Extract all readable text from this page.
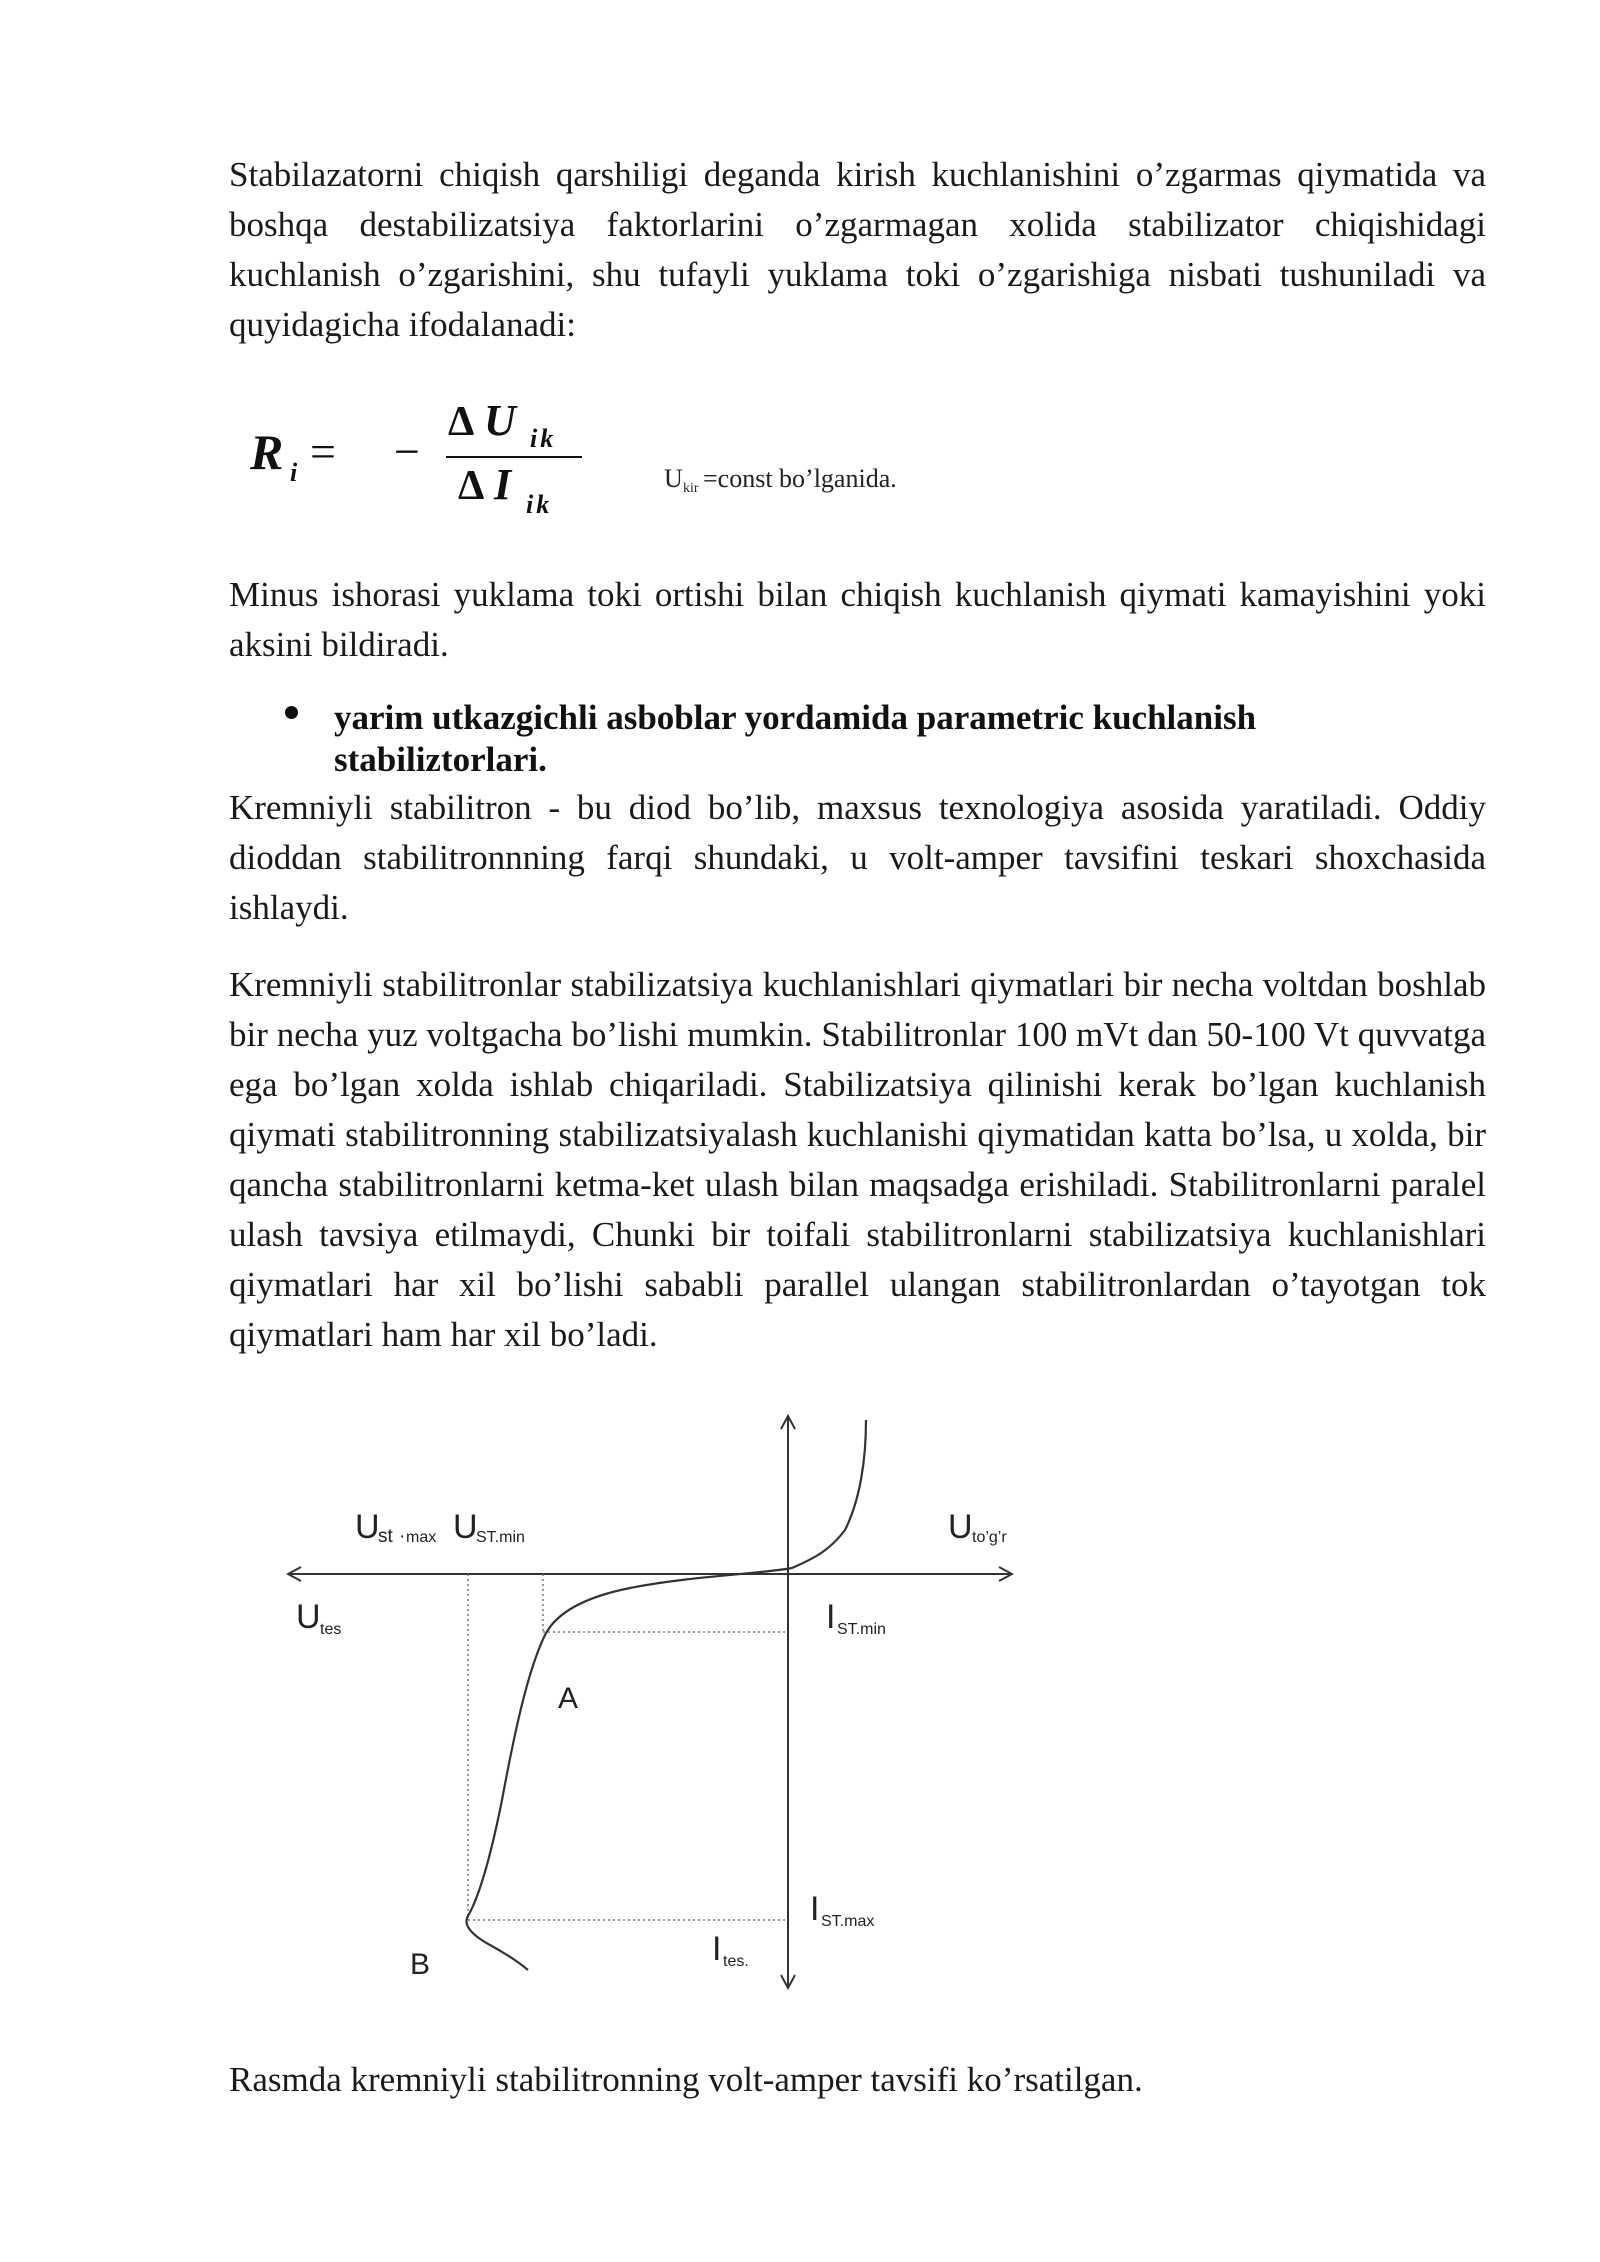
Stabilazatorni chiqish qarshiligi deganda kirish kuchlanishini o’zgarmas qiymatida va boshqa destabilizatsiya faktorlarini o’zgarmagan xolida stabilizator chiqishidagi kuchlanish o’zgarishini, shu tufayli yuklama toki o’zgarishiga nisbati tushuniladi va quyidagicha ifodalanadi:
R i = −
Δ U ik
Δ I ik
U kir =const bo’lganida.
Minus ishorasi yuklama toki ortishi bilan chiqish kuchlanish qiymati kamayishini yoki aksini bildiradi.
yarim utkazgichli asboblar yordamida parametric kuchlanish stabiliztorlari.
Kremniyli stabilitron - bu diod bo’lib, maxsus texnologiya asosida yaratiladi. Oddiy dioddan stabilitronnning farqi shundaki, u volt-amper tavsifini teskari shoxchasida ishlaydi.
Kremniyli stabilitronlar stabilizatsiya kuchlanishlari qiymatlari bir necha voltdan boshlab bir necha yuz voltgacha bo’lishi mumkin. Stabilitronlar 100 mVt dan 50-100 Vt quvvatga ega bo’lgan xolda ishlab chiqariladi. Stabilizatsiya qilinishi kerak bo’lgan kuchlanish qiymati stabilitronning stabilizatsiyalash kuchlanishi qiymatidan katta bo’lsa, u xolda, bir qancha stabilitronlarni ketma-ket ulash bilan maqsadga erishiladi. Stabilitronlarni paralel ulash tavsiya etilmaydi, Chunki bir toifali stabilitronlarni stabilizatsiya kuchlanishlari qiymatlari har xil bo’lishi sababli parallel ulangan stabilitronlardan o’tayotgan tok qiymatlari ham har xil bo’ladi.
U
st · max U
ST.min	U to’g’r
U tes	I ST.min
A
B
I ST.max
I tes.
Rasmda kremniyli stabilitronning volt-amper tavsifi ko’rsatilgan.
